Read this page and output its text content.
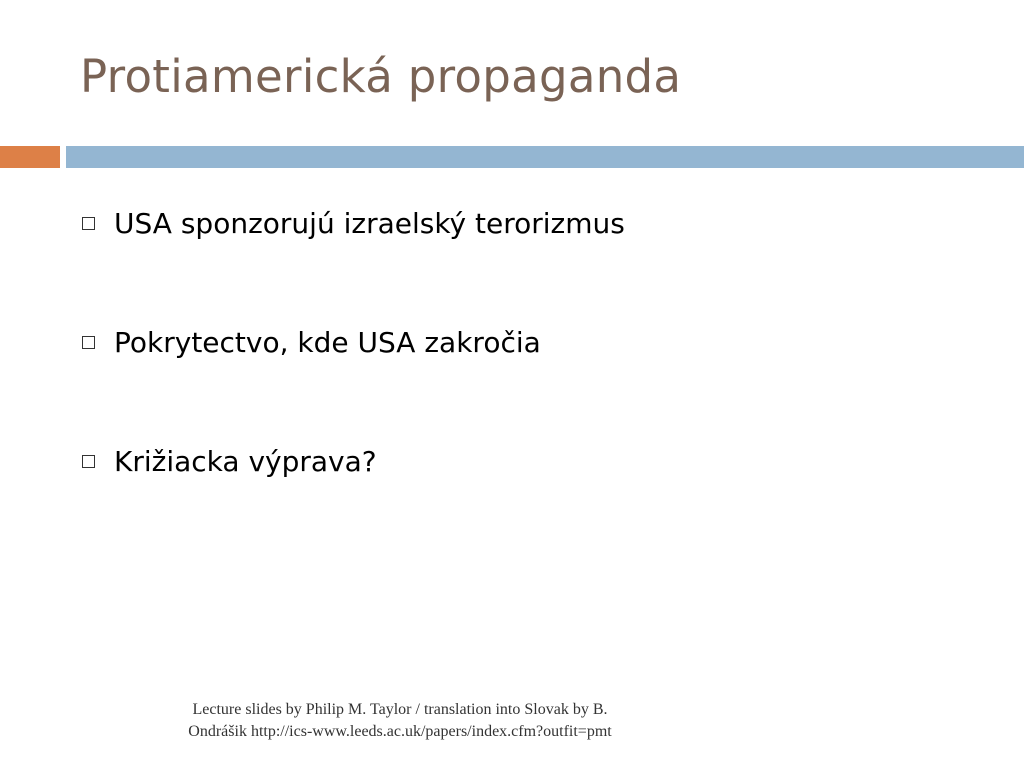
Protiamerická propaganda
USA sponzorujú izraelský terorizmus
Pokrytectvo, kde USA zakročia
Križiacka výprava?
Lecture slides by Philip M. Taylor / translation into Slovak by B.
Ondrášik http://ics-www.leeds.ac.uk/papers/index.cfm?outfit=pmt
